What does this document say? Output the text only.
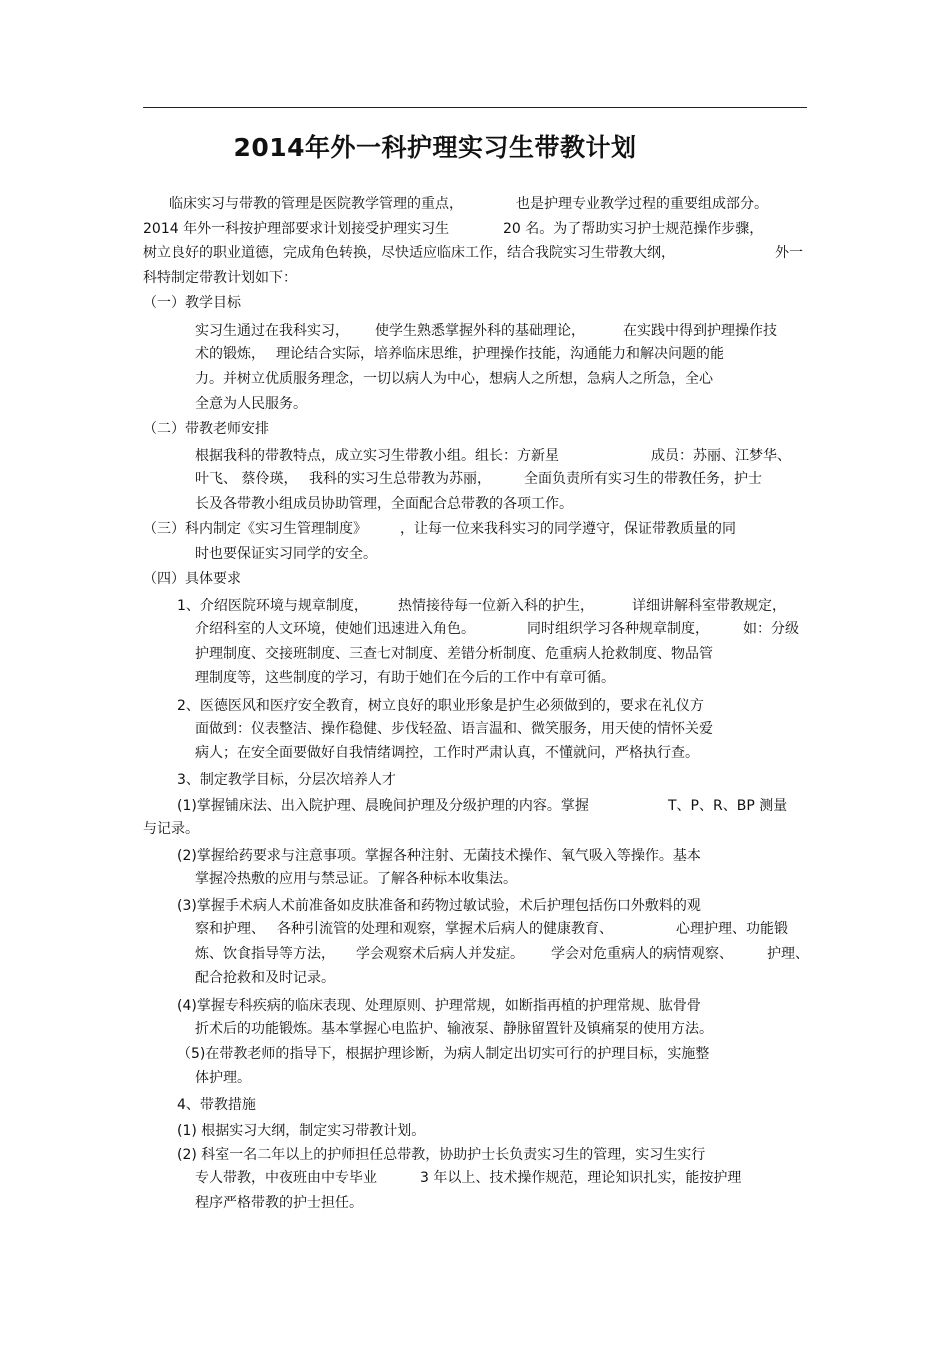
2014年外一科护理实习生带教计划
临床实习与带教的管理是医院教学管理的重点，	也是护理专业教学过程的重要组成部分。
2014 年外一科按护理部要求计划接受护理实习生	20 名。为了帮助实习护士规范操作步骤，
树立良好的职业道德，完成角色转换，尽快适应临床工作，结合我院实习生带教大纲，	外一
科特制定带教计划如下：
（一）教学目标
实习生通过在我科实习， 使学生熟悉掌握外科的基础理论，	在实践中得到护理操作技
术的锻炼， 理论结合实际，培养临床思维，护理操作技能，沟通能力和解决问题的能
力。并树立优质服务理念，一切以病人为中心，想病人之所想，急病人之所急，全心
全意为人民服务。
（二）带教老师安排
根据我科的带教特点，成立实习生带教小组。组长：方新星	成员：苏丽、江梦华、
叶飞、 蔡伶瑛， 我科的实习生总带教为苏丽， 全面负责所有实习生的带教任务，护士
长及各带教小组成员协助管理，全面配合总带教的各项工作。
（三）科内制定《实习生管理制度》 ，让每一位来我科实习的同学遵守，保证带教质量的同
时也要保证实习同学的安全。
（四）具体要求
1、介绍医院环境与规章制度， 热情接待每一位新入科的护生，	详细讲解科室带教规定，
介绍科室的人文环境，使她们迅速进入角色。	同时组织学习各种规章制度， 如：分级
护理制度、交接班制度、三查七对制度、差错分析制度、危重病人抢救制度、物品管
理制度等，这些制度的学习，有助于她们在今后的工作中有章可循。
2、医德医风和医疗安全教育，树立良好的职业形象是护生必须做到的，要求在礼仪方
面做到：仪表整洁、操作稳健、步伐轻盈、语言温和、微笑服务，用天使的情怀关爱
病人；在安全面要做好自我情绪调控，工作时严肃认真，不懂就问，严格执行查。
3、制定教学目标，分层次培养人才
(1)掌握铺床法、出入院护理、晨晚间护理及分级护理的内容。掌握	T、P、R、BP 测量
与记录。
(2)掌握给药要求与注意事项。掌握各种注射、无菌技术操作、氧气吸入等操作。基本
掌握冷热敷的应用与禁忌证。了解各种标本收集法。
(3)掌握手术病人术前准备如皮肤准备和药物过敏试验，术后护理包括伤口外敷料的观
察和护理、 各种引流管的处理和观察，掌握术后病人的健康教育、	心理护理、功能锻
炼、饮食指导等方法， 学会观察术后病人并发症。 学会对危重病人的病情观察、 护理、
配合抢救和及时记录。
(4)掌握专科疾病的临床表现、处理原则、护理常规，如断指再植的护理常规、肱骨骨
折术后的功能锻炼。基本掌握心电监护、输液泵、静脉留置针及镇痛泵的使用方法。
（5)在带教老师的指导下，根据护理诊断，为病人制定出切实可行的护理目标，实施整
体护理。
4、带教措施
(1) 根据实习大纲，制定实习带教计划。
(2) 科室一名二年以上的护师担任总带教，协助护士长负责实习生的管理，实习生实行
专人带教，中夜班由中专毕业	3 年以上、技术操作规范，理论知识扎实，能按护理
程序严格带教的护士担任。
